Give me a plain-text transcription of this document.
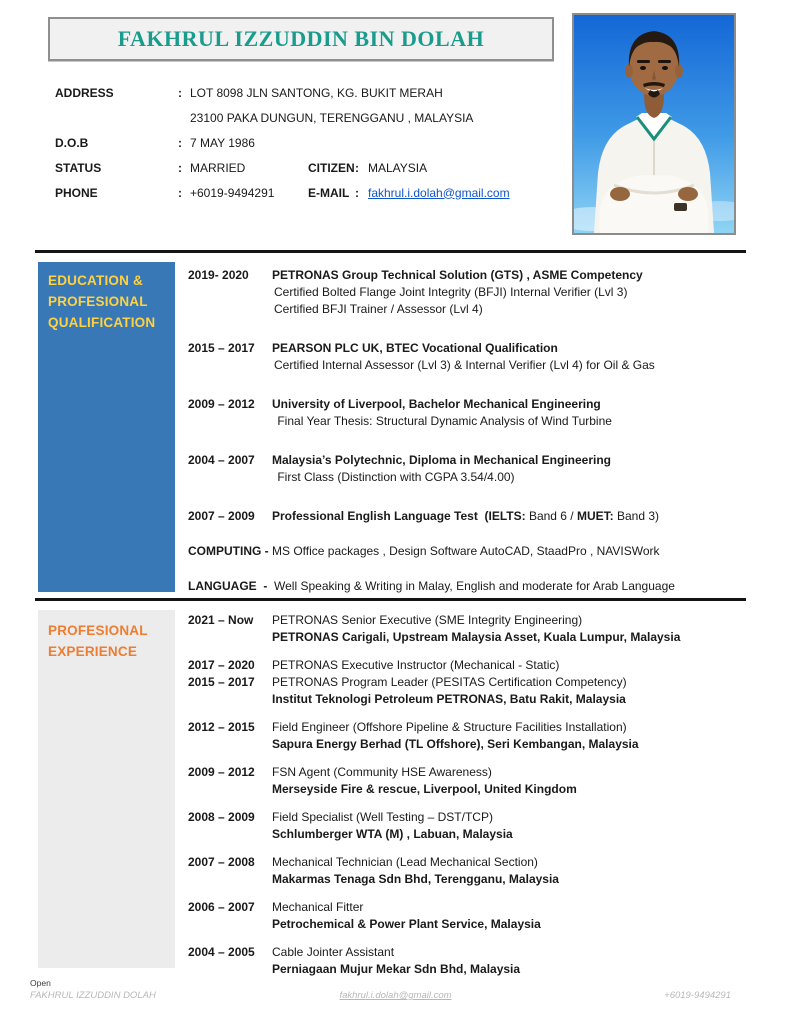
FAKHRUL IZZUDDIN BIN DOLAH
ADDRESS	: LOT 8098 JLN SANTONG, KG. BUKIT MERAH
23100 PAKA DUNGUN, TERENGGANU , MALAYSIA
D.O.B	: 7 MAY 1986
STATUS	: MARRIED	CITIZEN : MALAYSIA
PHONE	: +6019-9494291	E-MAIL : fakhrul.i.dolah@gmail.com
EDUCATION &
PROFESIONAL
QUALIFICATION
2019- 2020	PETRONAS Group Technical Solution (GTS) , ASME Competency
Certified Bolted Flange Joint Integrity (BFJI) Internal Verifier (Lvl 3)
Certified BFJI Trainer / Assessor (Lvl 4)
2015 – 2017	PEARSON PLC UK, BTEC Vocational Qualification
Certified Internal Assessor (Lvl 3) & Internal Verifier (Lvl 4) for Oil & Gas
2009 – 2012	University of Liverpool, Bachelor Mechanical Engineering
Final Year Thesis: Structural Dynamic Analysis of Wind Turbine
2004 – 2007	Malaysia’s Polytechnic, Diploma in Mechanical Engineering
First Class (Distinction with CGPA 3.54/4.00)
2007 – 2009	Professional English Language Test (IELTS: Band 6 / MUET: Band 3)
COMPUTING - MS Office packages , Design Software AutoCAD, StaadPro , NAVISWork
LANGUAGE  -  Well Speaking & Writing in Malay, English and moderate for Arab Language
PROFESIONAL
EXPERIENCE
2021 – Now	PETRONAS Senior Executive (SME Integrity Engineering)
PETRONAS Carigali, Upstream Malaysia Asset, Kuala Lumpur, Malaysia
2017 – 2020	PETRONAS Executive Instructor (Mechanical - Static)
2015 – 2017	PETRONAS Program Leader (PESITAS Certification Competency)
Institut Teknologi Petroleum PETRONAS, Batu Rakit, Malaysia
2012 – 2015	Field Engineer (Offshore Pipeline & Structure Facilities Installation)
Sapura Energy Berhad (TL Offshore), Seri Kembangan, Malaysia
2009 – 2012	FSN Agent (Community HSE Awareness)
Merseyside Fire & rescue, Liverpool, United Kingdom
2008 – 2009	Field Specialist (Well Testing – DST/TCP)
Schlumberger WTA (M) , Labuan, Malaysia
2007 – 2008	Mechanical Technician (Lead Mechanical Section)
Makarmas Tenaga Sdn Bhd, Terengganu, Malaysia
2006 – 2007	Mechanical Fitter
Petrochemical & Power Plant Service, Malaysia
2004 – 2005	Cable Jointer Assistant
Perniagaan Mujur Mekar Sdn Bhd, Malaysia
Open
FAKHRUL IZZUDDIN DOLAH	fakhrul.i.dolah@gmail.com	+6019-9494291
